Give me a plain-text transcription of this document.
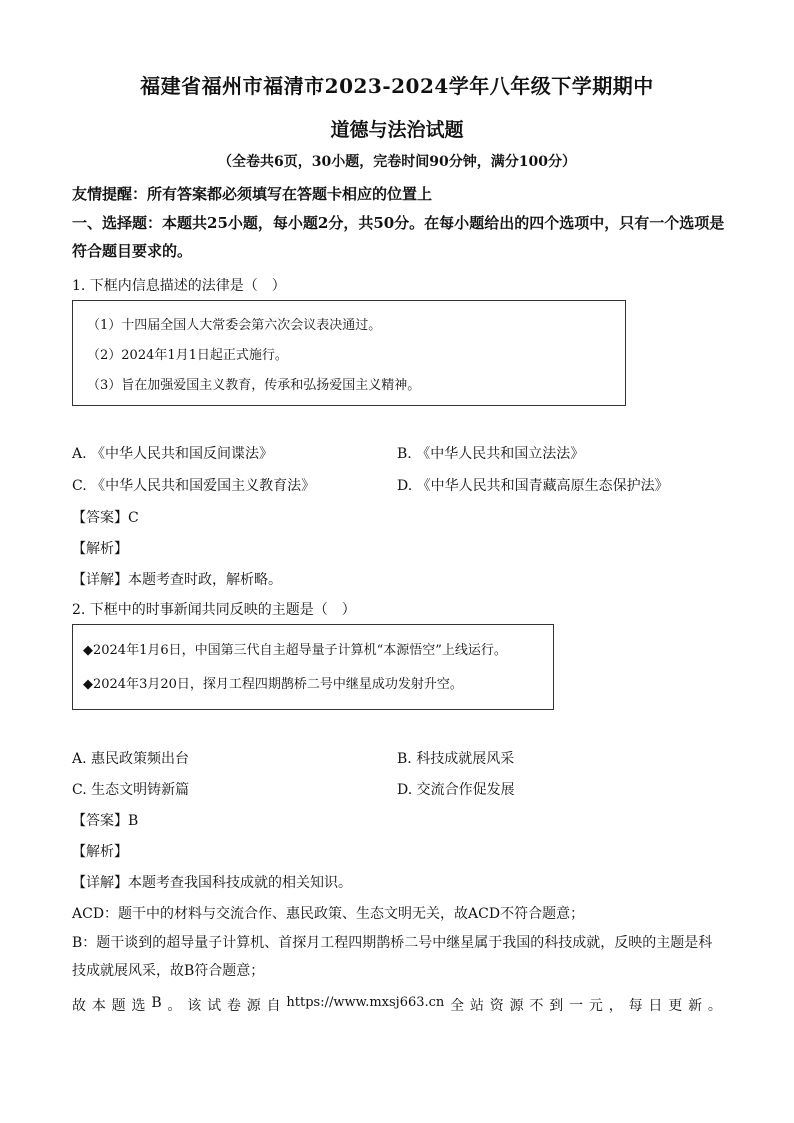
福建省福州市福清市2023-2024学年八年级下学期期中
道德与法治试题
（全卷共6页，30小题，完卷时间90分钟，满分100分）
友情提醒：所有答案都必须填写在答题卡相应的位置上
一、选择题：本题共25小题，每小题2分，共50分。在每小题给出的四个选项中，只有一个选项是符合题目要求的。
1. 下框内信息描述的法律是（　）
（1）十四届全国人大常委会第六次会议表决通过。
（2）2024年1月1日起正式施行。
（3）旨在加强爱国主义教育，传承和弘扬爱国主义精神。
A. 《中华人民共和国反间谍法》	B. 《中华人民共和国立法法》
C. 《中华人民共和国爱国主义教育法》	D. 《中华人民共和国青藏高原生态保护法》
【答案】C
【解析】
【详解】本题考查时政，解析略。
2. 下框中的时事新闻共同反映的主题是（　）
◆2024年1月6日，中国第三代自主超导量子计算机“本源悟空”上线运行。
◆2024年3月20日，探月工程四期鹊桥二号中继星成功发射升空。
A. 惠民政策频出台	B. 科技成就展风采
C. 生态文明铸新篇	D. 交流合作促发展
【答案】B
【解析】
【详解】本题考查我国科技成就的相关知识。
ACD：题干中的材料与交流合作、惠民政策、生态文明无关，故ACD不符合题意；
B：题干谈到的超导量子计算机、首探月工程四期鹊桥二号中继星属于我国的科技成就，反映的主题是科技成就展风采，故B符合题意；
故 本 题 选 B 。 该 试 卷 源 自 https://www.mxsj663.cn 全 站 资 源 不 到 一 元 ， 每 日 更 新 。
